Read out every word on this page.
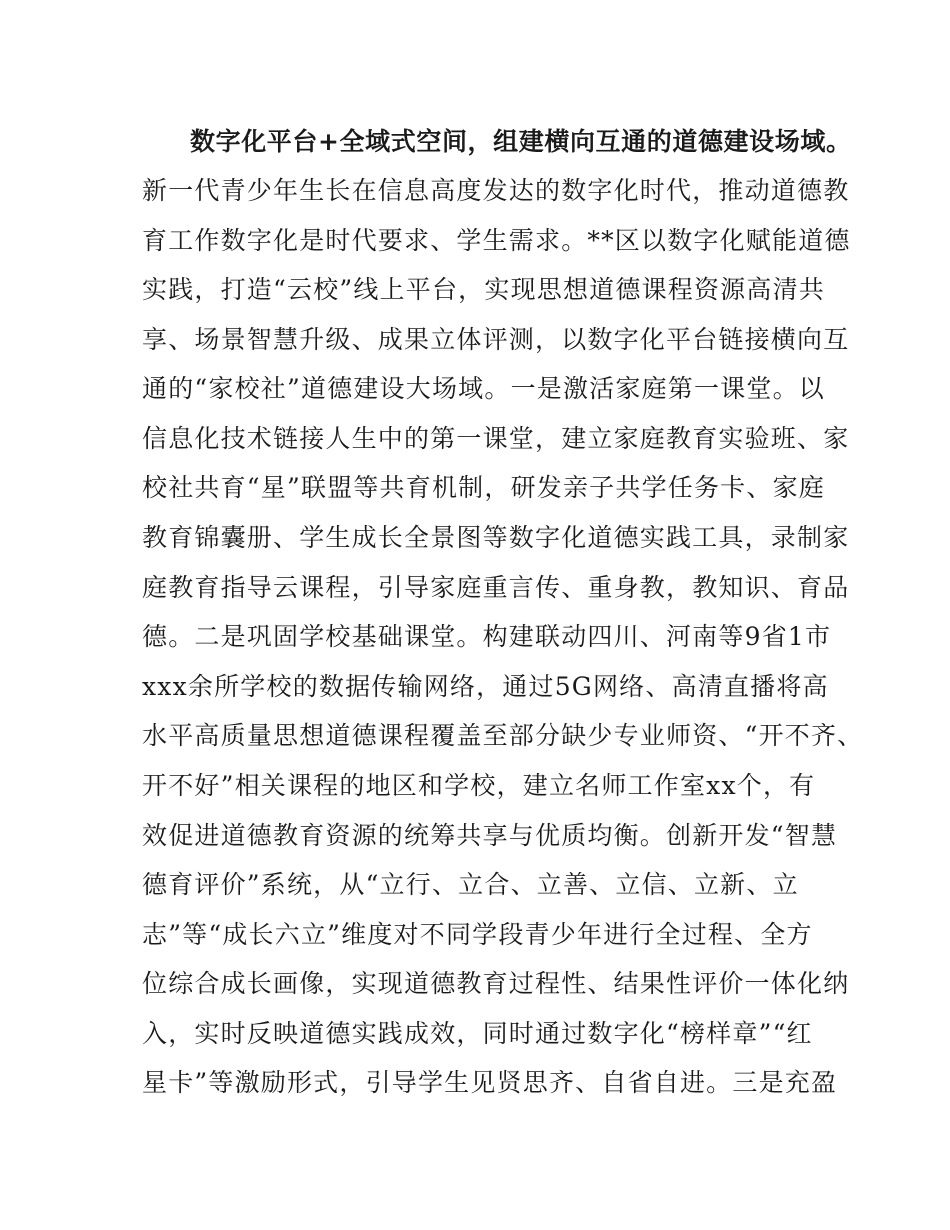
数字化平台+全域式空间，组建横向互通的道德建设场域。
新一代青少年生长在信息高度发达的数字化时代，推动道德教
育工作数字化是时代要求、学生需求。**区以数字化赋能道德
实践，打造“云校”线上平台，实现思想道德课程资源高清共
享、场景智慧升级、成果立体评测，以数字化平台链接横向互
通的“家校社”道德建设大场域。一是激活家庭第一课堂。以
信息化技术链接人生中的第一课堂，建立家庭教育实验班、家
校社共育“星”联盟等共育机制，研发亲子共学任务卡、家庭
教育锦囊册、学生成长全景图等数字化道德实践工具，录制家
庭教育指导云课程，引导家庭重言传、重身教，教知识、育品
德。二是巩固学校基础课堂。构建联动四川、河南等9省1市
xxx余所学校的数据传输网络，通过5G网络、高清直播将高
水平高质量思想道德课程覆盖至部分缺少专业师资、“开不齐、
开不好”相关课程的地区和学校，建立名师工作室xx个，有
效促进道德教育资源的统筹共享与优质均衡。创新开发“智慧
德育评价”系统，从“立行、立合、立善、立信、立新、立
志”等“成长六立”维度对不同学段青少年进行全过程、全方
位综合成长画像，实现道德教育过程性、结果性评价一体化纳
入，实时反映道德实践成效，同时通过数字化“榜样章”“红
星卡”等激励形式，引导学生见贤思齐、自省自进。三是充盈
